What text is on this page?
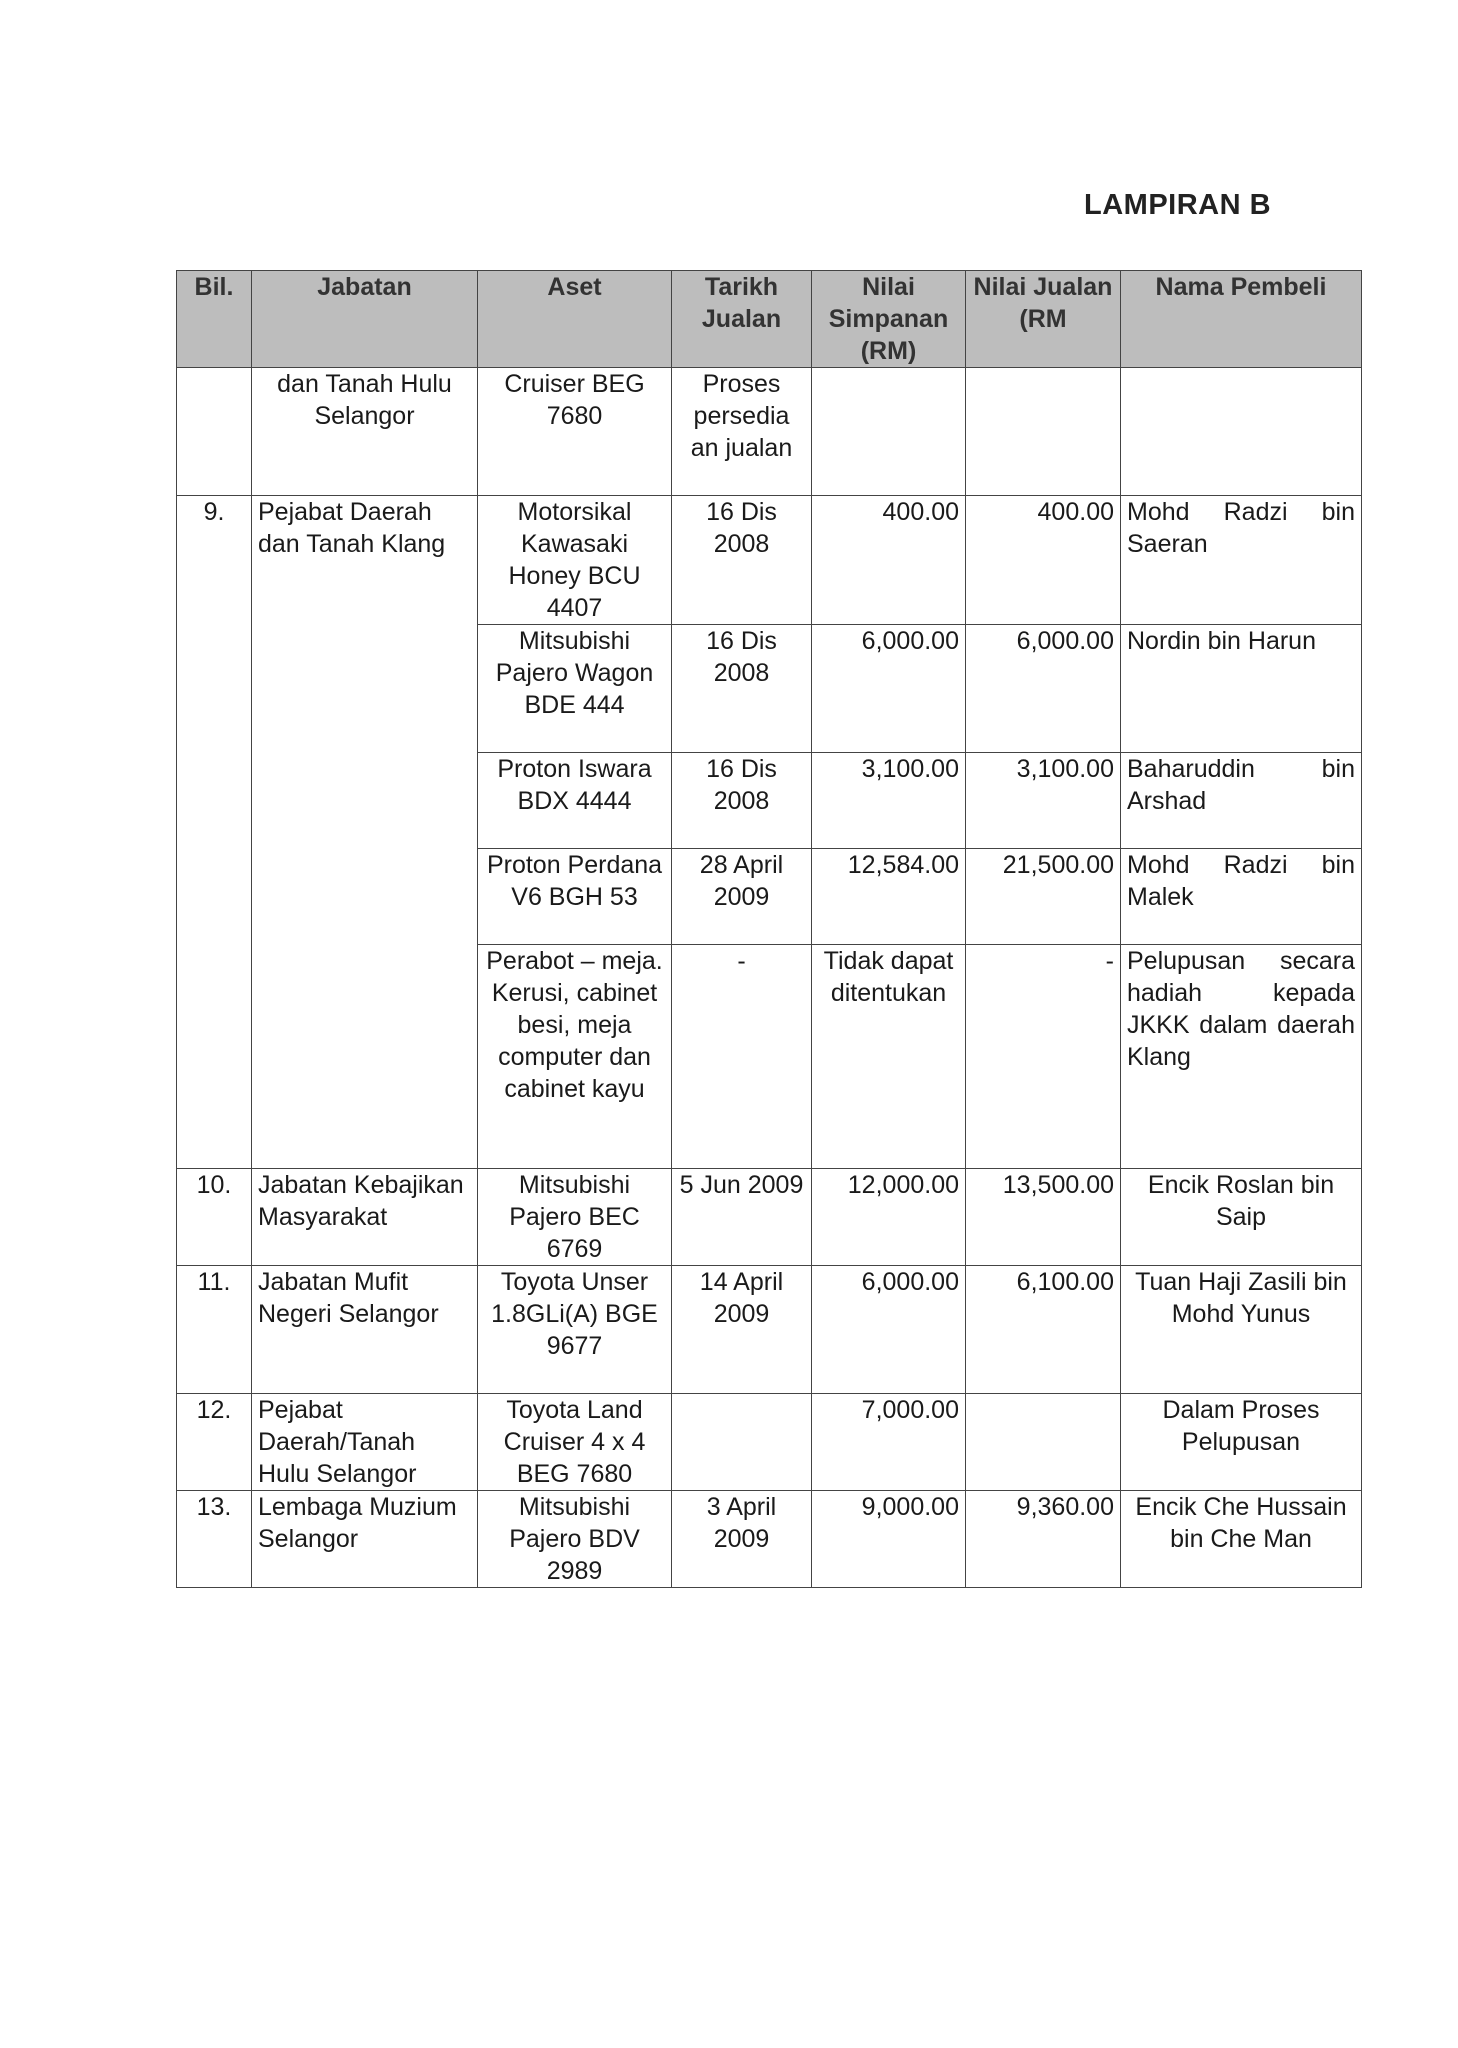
LAMPIRAN B
Bil.	Jabatan	Aset	Tarikh Jualan	Nilai Simpanan (RM)	Nilai Jualan (RM	Nama Pembeli
	dan Tanah Hulu Selangor	Cruiser BEG 7680	Proses persedia an jualan			
9.	Pejabat Daerah dan Tanah Klang	Motorsikal Kawasaki Honey BCU 4407	16 Dis 2008	400.00	400.00	Mohd Radzi bin Saeran
		Mitsubishi Pajero Wagon BDE 444	16 Dis 2008	6,000.00	6,000.00	Nordin bin Harun
		Proton Iswara BDX 4444	16 Dis 2008	3,100.00	3,100.00	Baharuddin bin Arshad
		Proton Perdana V6 BGH 53	28 April 2009	12,584.00	21,500.00	Mohd Radzi bin Malek
		Perabot – meja. Kerusi, cabinet besi, meja computer dan cabinet kayu	-	Tidak dapat ditentukan	-	Pelupusan secara hadiah kepada JKKK dalam daerah Klang
10.	Jabatan Kebajikan Masyarakat	Mitsubishi Pajero BEC 6769	5 Jun 2009	12,000.00	13,500.00	Encik Roslan bin Saip
11.	Jabatan Mufit Negeri Selangor	Toyota Unser 1.8GLi(A) BGE 9677	14 April 2009	6,000.00	6,100.00	Tuan Haji Zasili bin Mohd Yunus
12.	Pejabat Daerah/Tanah Hulu Selangor	Toyota Land Cruiser 4 x 4 BEG 7680		7,000.00		Dalam Proses Pelupusan
13.	Lembaga Muzium Selangor	Mitsubishi Pajero BDV 2989	3 April 2009	9,000.00	9,360.00	Encik Che Hussain bin Che Man
